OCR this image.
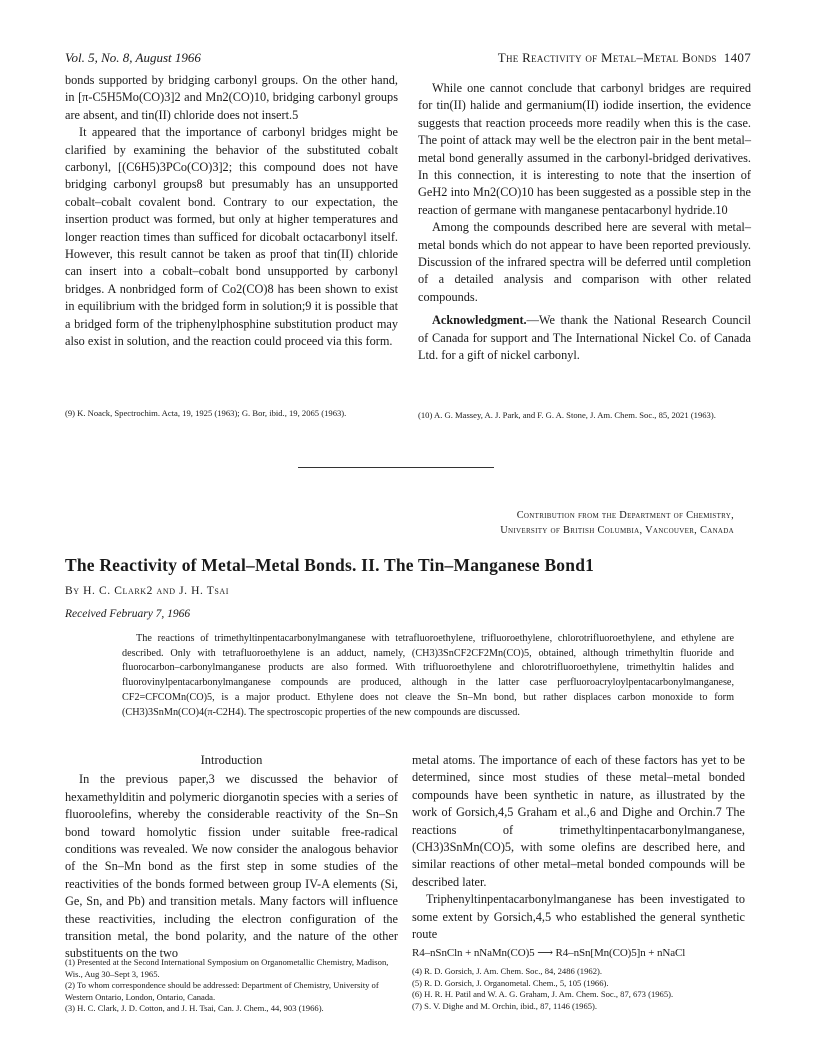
Vol. 5, No. 8, August 1966	The Reactivity of Metal–Metal Bonds 1407

bonds supported by bridging carbonyl groups. On the other hand, in [π-C5H5Mo(CO)3]2 and Mn2(CO)10, bridging carbonyl groups are absent, and tin(II) chloride does not insert.5

It appeared that the importance of carbonyl bridges might be clarified by examining the behavior of the substituted cobalt carbonyl, [(C6H5)3PCo(CO)3]2; this compound does not have bridging carbonyl groups8 but presumably has an unsupported cobalt–cobalt covalent bond. Contrary to our expectation, the insertion product was formed, but only at higher temperatures and longer reaction times than sufficed for dicobalt octacarbonyl itself. However, this result cannot be taken as proof that tin(II) chloride can insert into a cobalt–cobalt bond unsupported by carbonyl bridges. A nonbridged form of Co2(CO)8 has been shown to exist in equilibrium with the bridged form in solution;9 it is possible that a bridged form of the triphenylphosphine substitution product may also exist in solution, and the reaction could proceed via this form.

(9) K. Noack, Spectrochim. Acta, 19, 1925 (1963); G. Bor, ibid., 19, 2065 (1963).

While one cannot conclude that carbonyl bridges are required for tin(II) halide and germanium(II) iodide insertion, the evidence suggests that reaction proceeds more readily when this is the case. The point of attack may well be the electron pair in the bent metal–metal bond generally assumed in the carbonyl-bridged derivatives. In this connection, it is interesting to note that the insertion of GeH2 into Mn2(CO)10 has been suggested as a possible step in the reaction of germane with manganese pentacarbonyl hydride.10

Among the compounds described here are several with metal–metal bonds which do not appear to have been reported previously. Discussion of the infrared spectra will be deferred until completion of a detailed analysis and comparison with other related compounds.

Acknowledgment.—We thank the National Research Council of Canada for support and The International Nickel Co. of Canada Ltd. for a gift of nickel carbonyl.

(10) A. G. Massey, A. J. Park, and F. G. A. Stone, J. Am. Chem. Soc., 85, 2021 (1963).
Contribution from the Department of Chemistry,
University of British Columbia, Vancouver, Canada
The Reactivity of Metal–Metal Bonds. II. The Tin–Manganese Bond1
By H. C. Clark2 and J. H. Tsai
Received February 7, 1966

The reactions of trimethyltinpentacarbonylmanganese with tetrafluoroethylene, trifluoroethylene, chlorotrifluoroethylene, and ethylene are described. Only with tetrafluoroethylene is an adduct, namely, (CH3)3SnCF2CF2Mn(CO)5, obtained, although trimethyltin fluoride and fluorocarbon–carbonylmanganese products are also formed. With trifluoroethylene and chlorotrifluoroethylene, trimethyltin halides and fluorovinylpentacarbonylmanganese compounds are produced, although in the latter case perfluoroacryloylpentacarbonylmanganese, CF2=CFCOMn(CO)5, is a major product. Ethylene does not cleave the Sn–Mn bond, but rather displaces carbon monoxide to form (CH3)3SnMn(CO)4(π-C2H4). The spectroscopic properties of the new compounds are discussed.

Introduction

In the previous paper,3 we discussed the behavior of hexamethylditin and polymeric diorganotin species with a series of fluoroolefins, whereby the considerable reactivity of the Sn–Sn bond toward homolytic fission under suitable free-radical conditions was revealed. We now consider the analogous behavior of the Sn–Mn bond as the first step in some studies of the reactivities of the bonds formed between group IV-A elements (Si, Ge, Sn, and Pb) and transition metals. Many factors will influence these reactivities, including the electron configuration of the transition metal, the bond polarity, and the nature of the other substituents on the two

(1) Presented at the Second International Symposium on Organometallic Chemistry, Madison, Wis., Aug 30–Sept 3, 1965.
(2) To whom correspondence should be addressed: Department of Chemistry, University of Western Ontario, London, Ontario, Canada.
(3) H. C. Clark, J. D. Cotton, and J. H. Tsai, Can. J. Chem., 44, 903 (1966).

metal atoms. The importance of each of these factors has yet to be determined, since most studies of these metal–metal bonded compounds have been synthetic in nature, as illustrated by the work of Gorsich,4,5 Graham et al.,6 and Dighe and Orchin.7 The reactions of trimethyltinpentacarbonylmanganese, (CH3)3SnMn(CO)5, with some olefins are described here, and similar reactions of other metal–metal bonded compounds will be described later.

Triphenyltinpentacarbonylmanganese has been investigated to some extent by Gorsich,4,5 who established the general synthetic route

R4–nSnCln + nNaMn(CO)5 ⟶ R4–nSn[Mn(CO)5]n + nNaCl

(4) R. D. Gorsich, J. Am. Chem. Soc., 84, 2486 (1962).
(5) R. D. Gorsich, J. Organometal. Chem., 5, 105 (1966).
(6) H. R. H. Patil and W. A. G. Graham, J. Am. Chem. Soc., 87, 673 (1965).
(7) S. V. Dighe and M. Orchin, ibid., 87, 1146 (1965).
